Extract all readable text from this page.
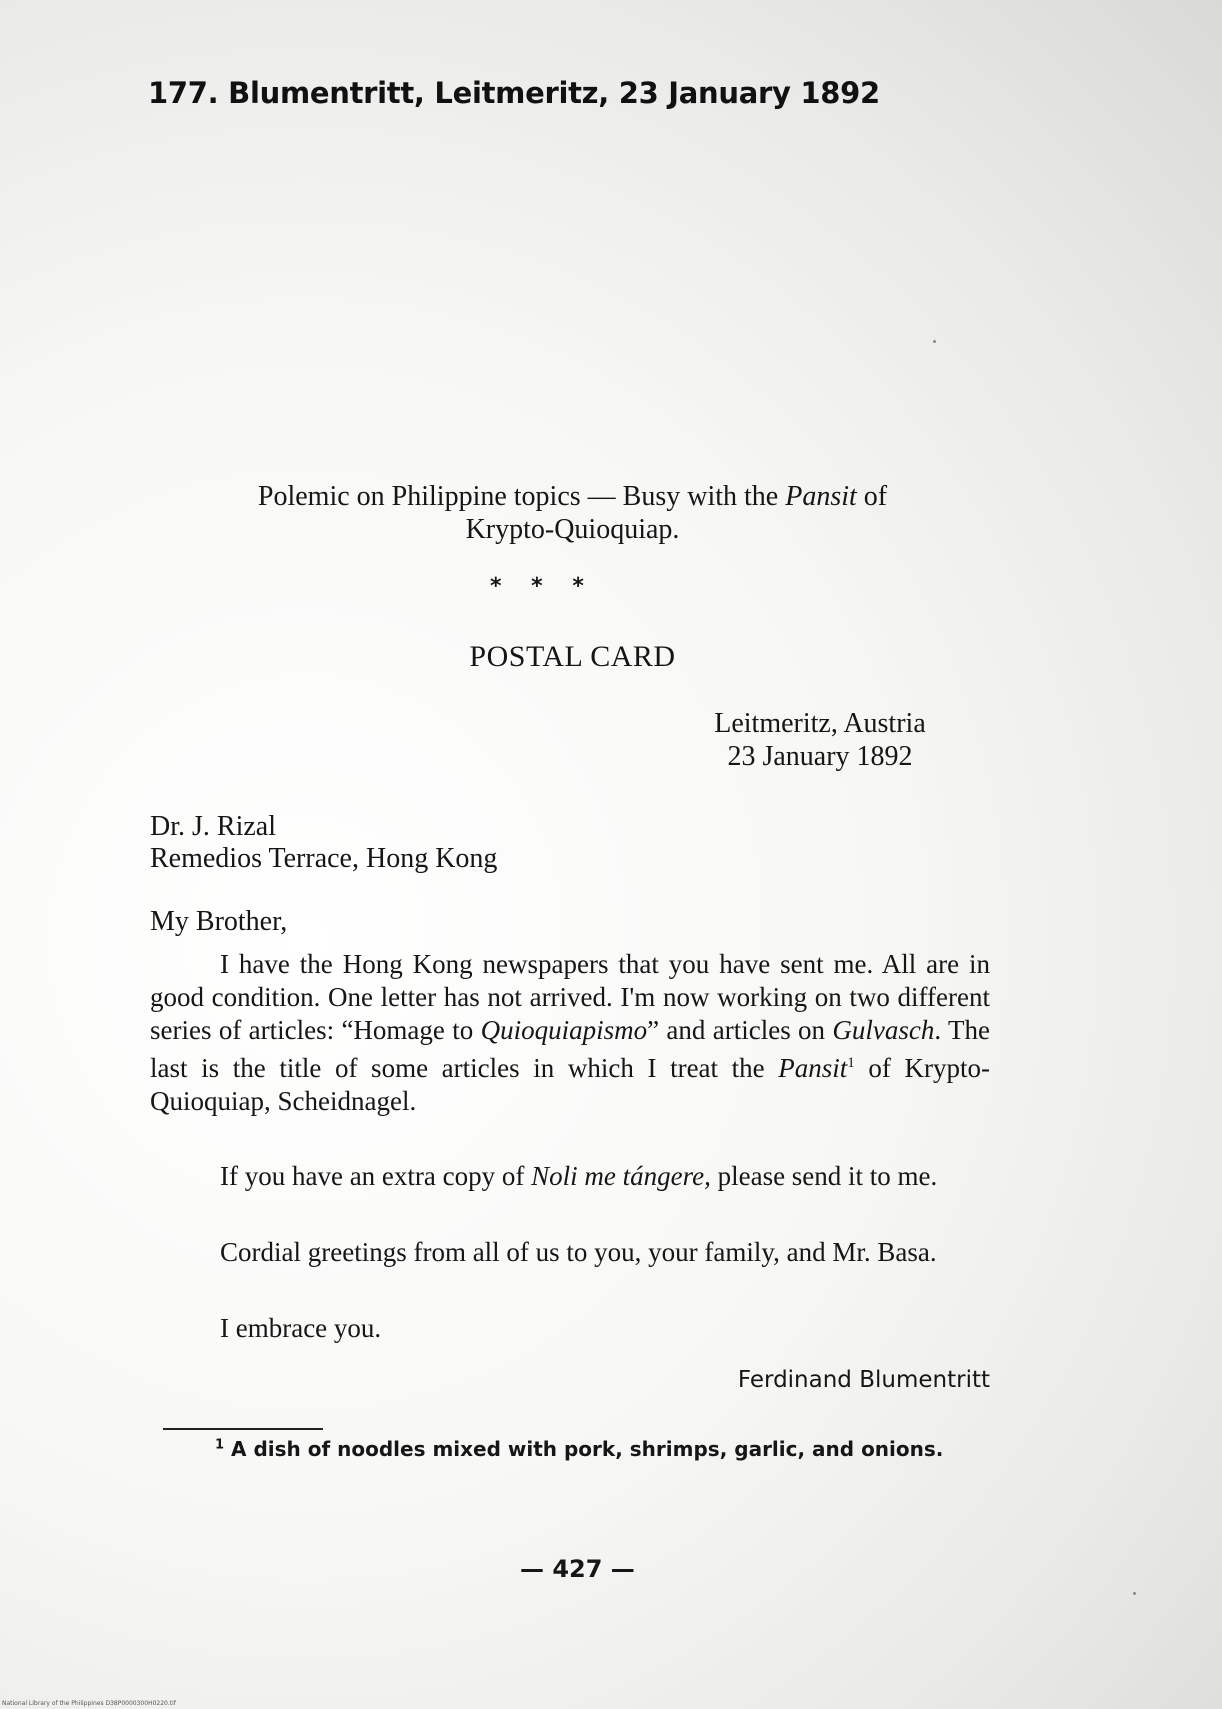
177. Blumentritt, Leitmeritz, 23 January 1892
Polemic on Philippine topics — Busy with the Pansit of
Krypto-Quioquiap.
* * *
POSTAL CARD
Leitmeritz, Austria
23 January 1892
Dr. J. Rizal
Remedios Terrace, Hong Kong
My Brother,
I have the Hong Kong newspapers that you have sent me. All are in good condition. One letter has not arrived. I'm now working on two different series of articles: “Homage to Quioquiapismo” and articles on Gulvasch. The last is the title of some articles in which I treat the Pansit$^1$ of Krypto-Quioquiap, Scheidnagel.
If you have an extra copy of Noli me tángere, please send it to me.
Cordial greetings from all of us to you, your family, and Mr. Basa.
I embrace you.
Ferdinand Blumentritt
$^1$ A dish of noodles mixed with pork, shrimps, garlic, and onions.
— 427 —
National Library of the Philippines D38P0000300H0220.tif
